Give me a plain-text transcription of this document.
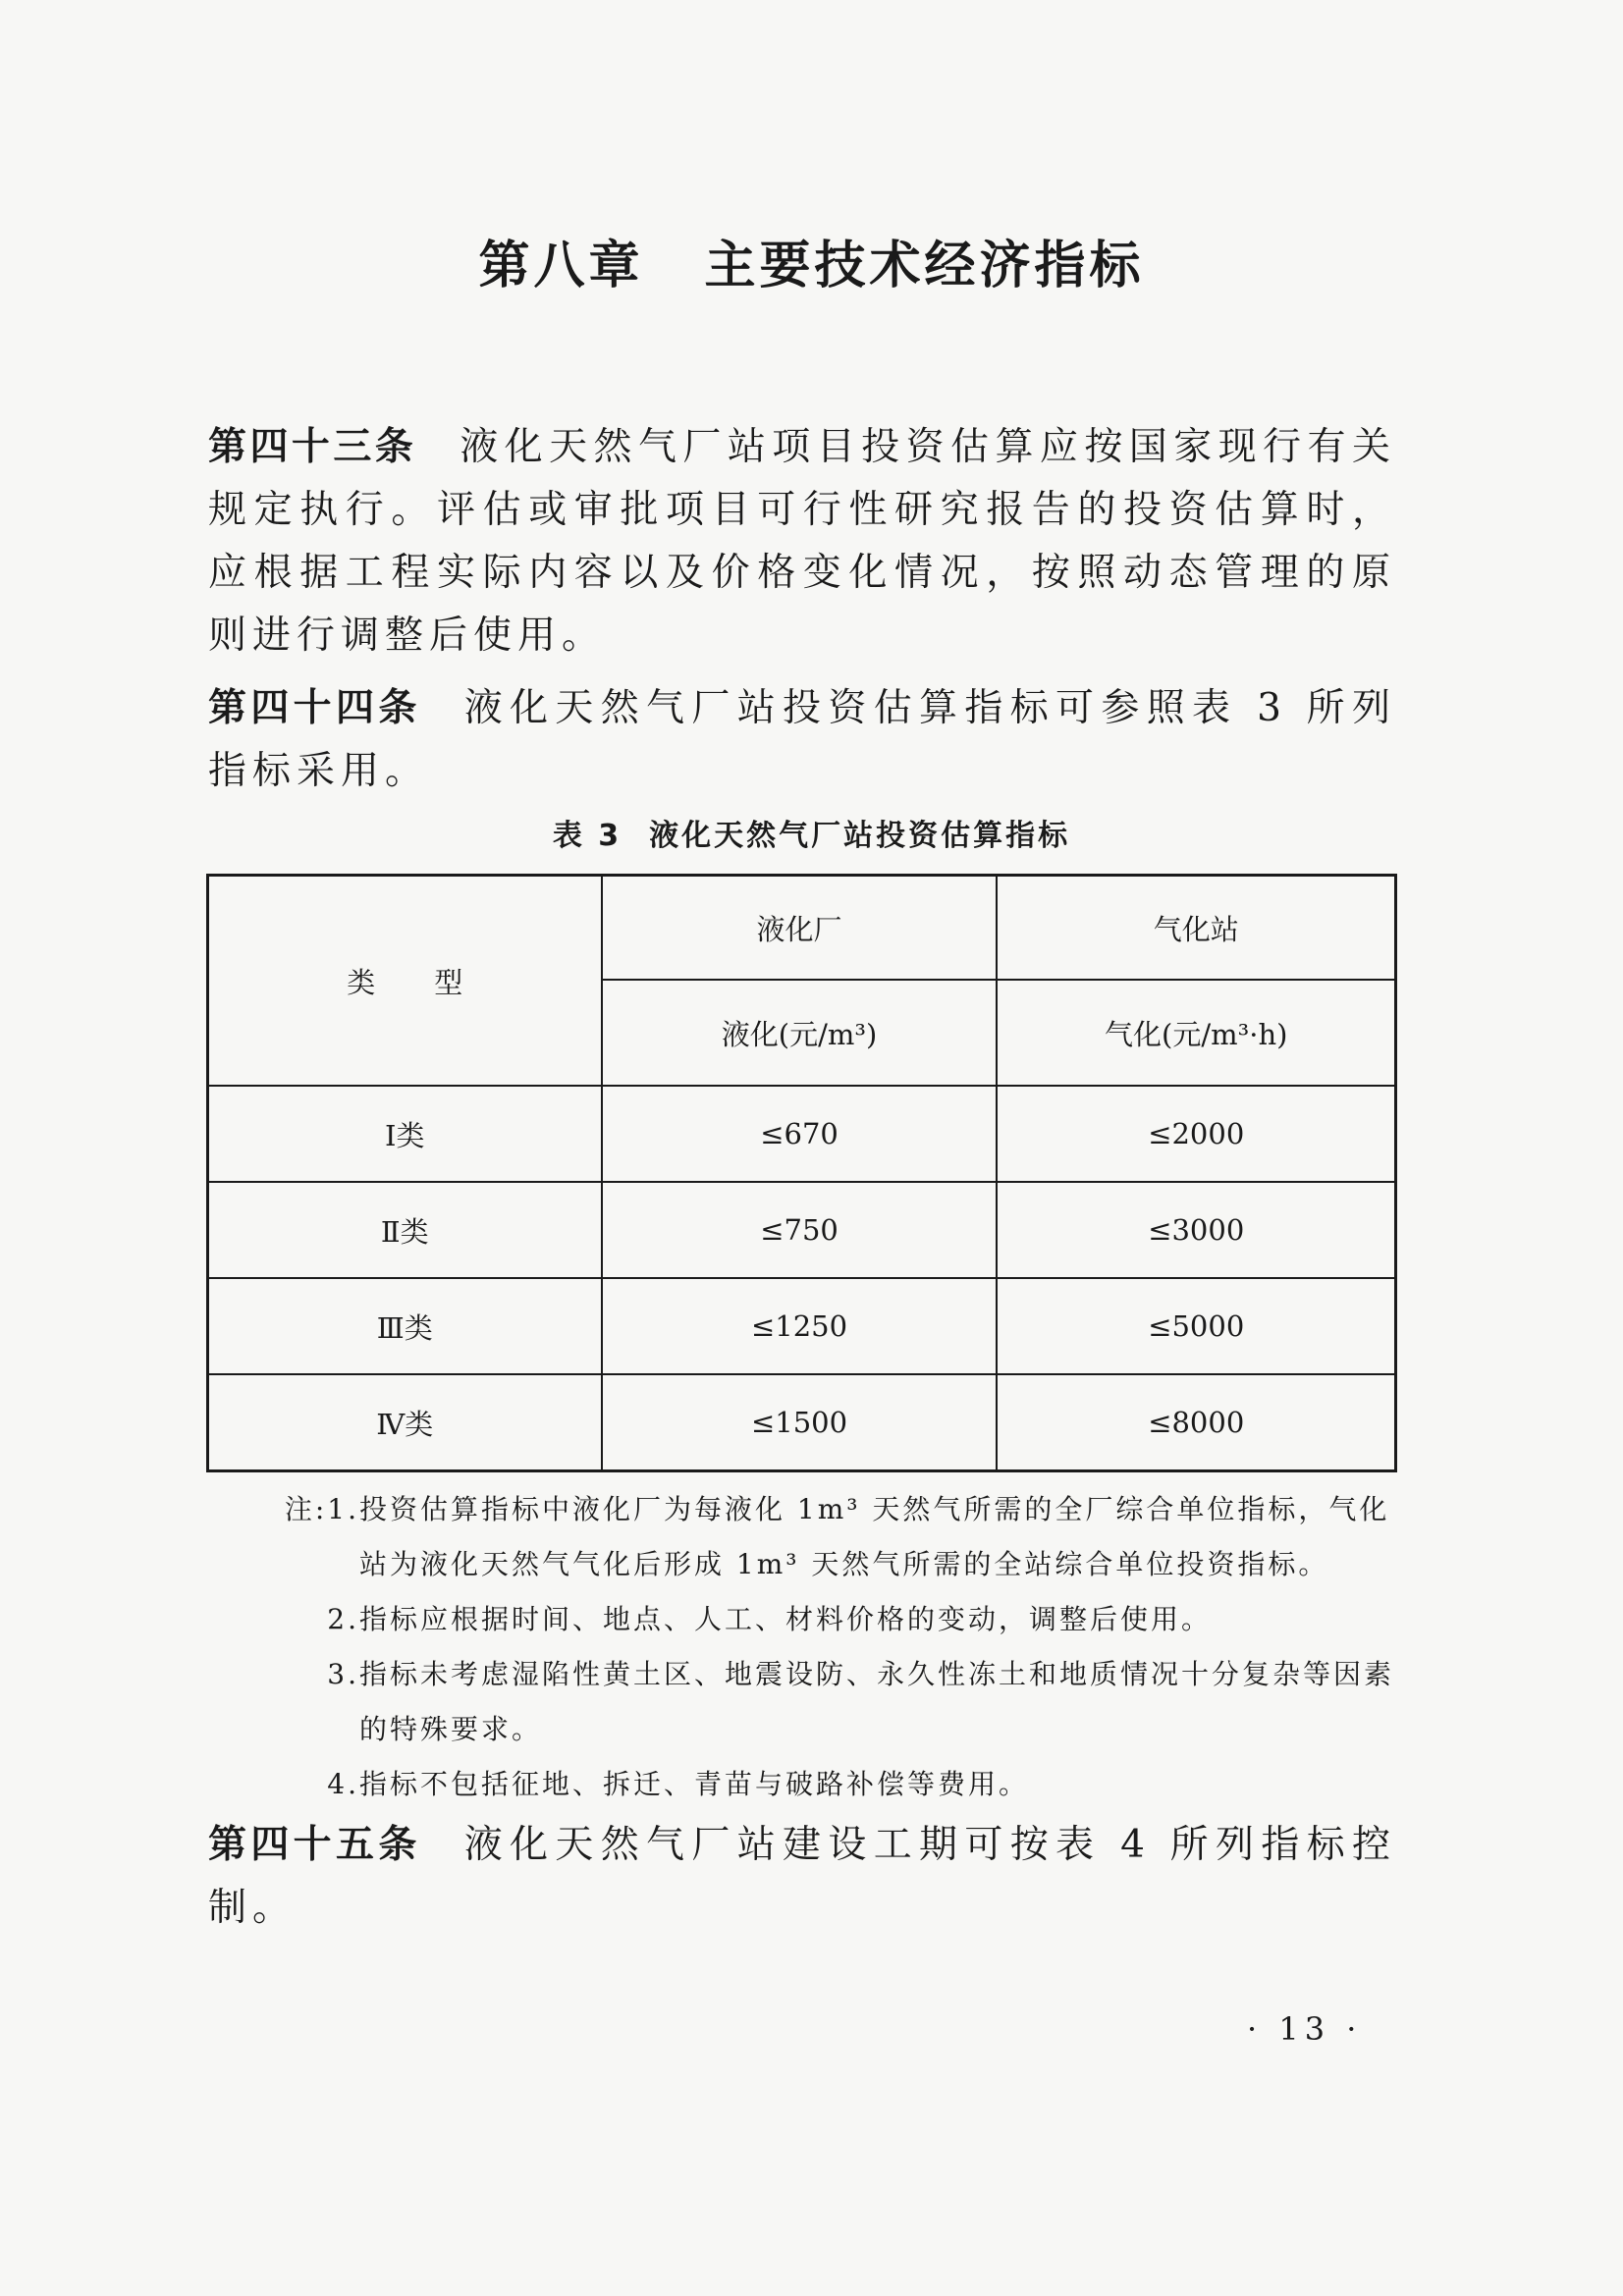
第八章 主要技术经济指标
第四十三条 液化天然气厂站项目投资估算应按国家现行有关规定执行。评估或审批项目可行性研究报告的投资估算时，应根据工程实际内容以及价格变化情况，按照动态管理的原则进行调整后使用。
第四十四条 液化天然气厂站投资估算指标可参照表 3 所列指标采用。
表 3 液化天然气厂站投资估算指标
类型	液化厂	气化站
	液化(元/m³)	气化(元/m³·h)
Ⅰ类	≤670	≤2000
Ⅱ类	≤750	≤3000
Ⅲ类	≤1250	≤5000
Ⅳ类	≤1500	≤8000
注:1. 投资估算指标中液化厂为每液化 1m³ 天然气所需的全厂综合单位指标，气化站为液化天然气气化后形成 1m³ 天然气所需的全站综合单位投资指标。
2. 指标应根据时间、地点、人工、材料价格的变动，调整后使用。
3. 指标未考虑湿陷性黄土区、地震设防、永久性冻土和地质情况十分复杂等因素的特殊要求。
4. 指标不包括征地、拆迁、青苗与破路补偿等费用。
第四十五条 液化天然气厂站建设工期可按表 4 所列指标控制。
· 13 ·
